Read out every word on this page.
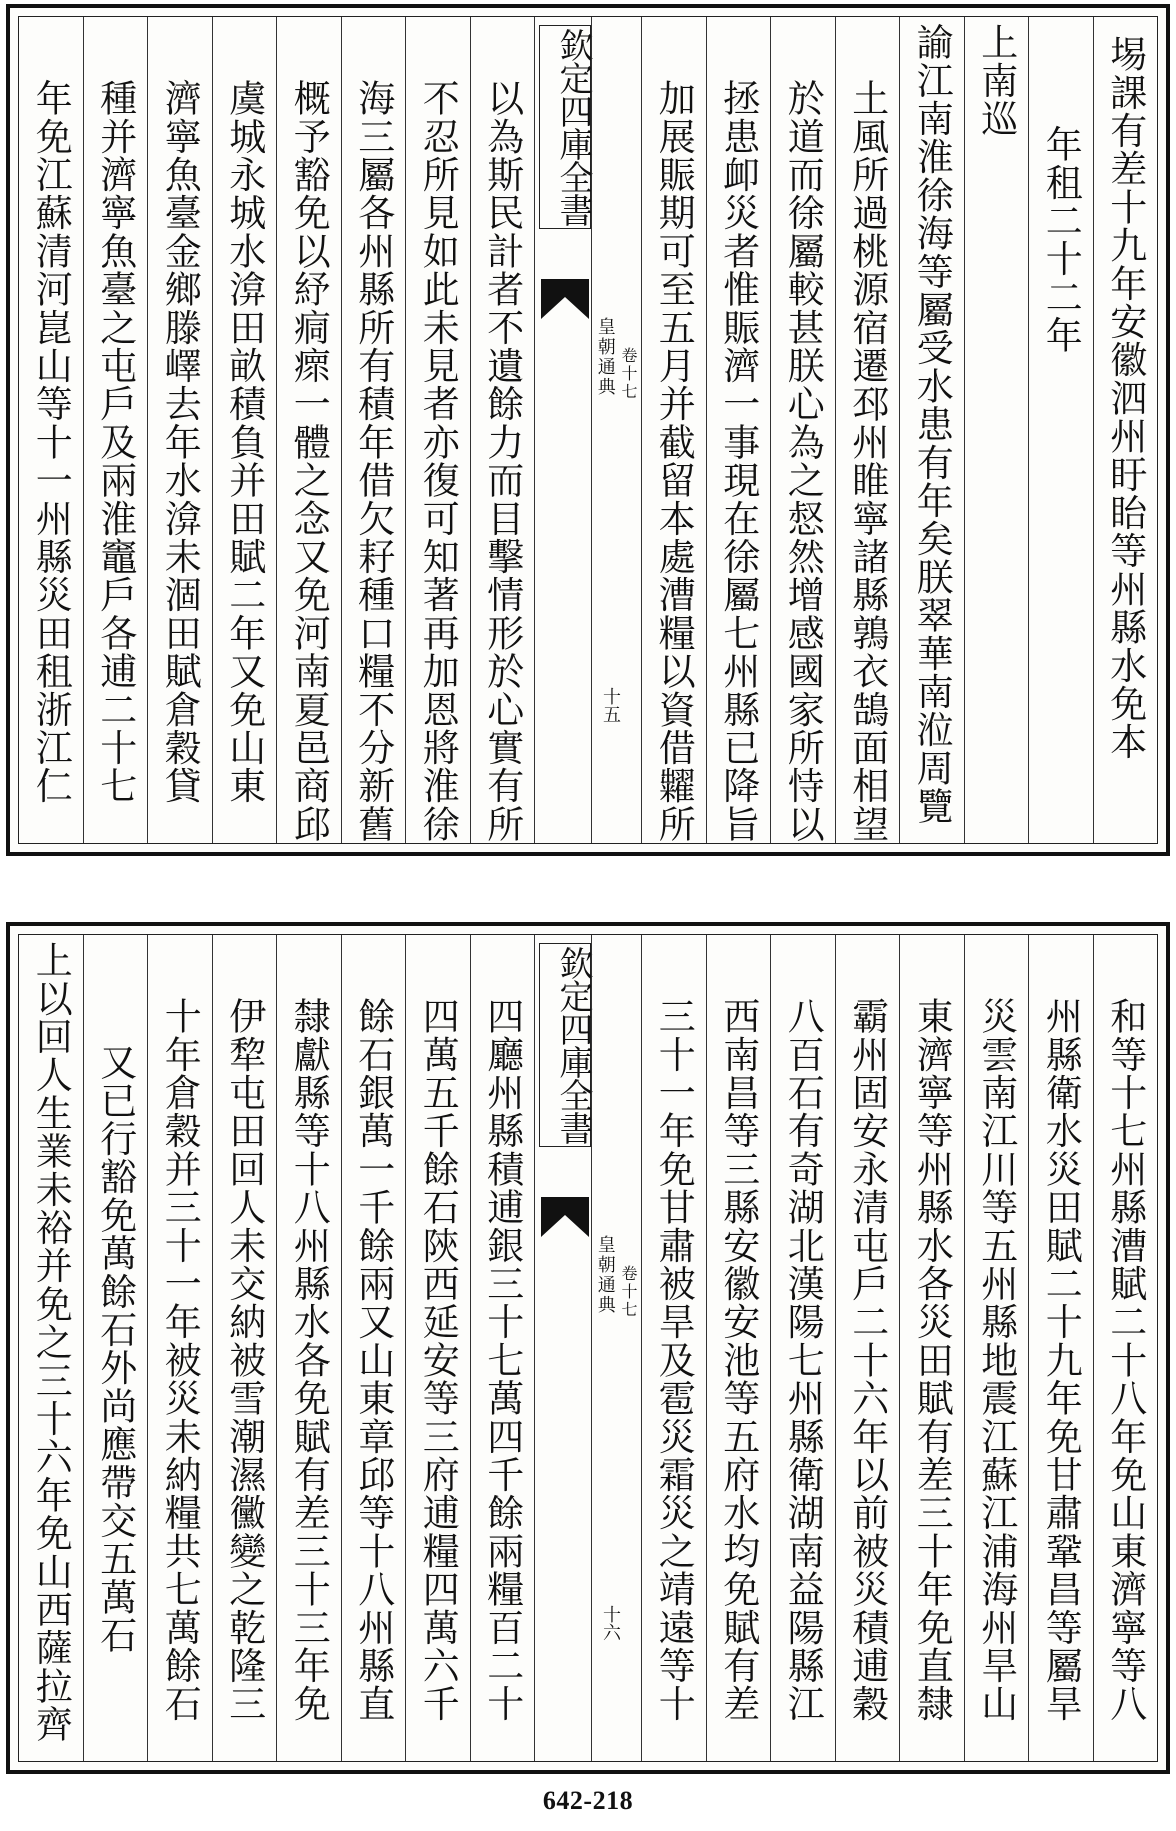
埸課有差十九年安徽泗州盱眙等州縣水免本
年租二十二年
上南巡
諭江南淮徐海等屬受水患有年矣朕翠華南涖周覽
土風所過桃源宿遷邳州睢寧諸縣鶉衣鵠面相望
於道而徐屬較甚朕心為之惄然增感國家所恃以
拯患卹災者惟賑濟一事現在徐屬七州縣已降旨
加展賑期可至五月并截留本處漕糧以資借糶所
欽定四庫全書
皇朝通典 卷十七
十五
以為斯民計者不遺餘力而目擊情形於心實有所
不忍所見如此未見者亦復可知著再加恩將淮徐
海三屬各州縣所有積年借欠耔種口糧不分新舊
概予豁免以紓痌瘝一體之念又免河南夏邑商邱
虞城永城水渰田畝積負并田賦二年又免山東
濟寧魚臺金鄉滕嶧去年水渰未涸田賦倉穀貸
種并濟寧魚臺之屯戶及兩淮竈戶各逋二十七
年免江蘇清河崑山等十一州縣災田租浙江仁
和等十七州縣漕賦二十八年免山東濟寧等八
州縣衛水災田賦二十九年免甘肅鞏昌等屬旱
災雲南江川等五州縣地震江蘇江浦海州旱山
東濟寧等州縣水各災田賦有差三十年免直隸
霸州固安永清屯戶二十六年以前被災積逋穀
八百石有奇湖北漢陽七州縣衛湖南益陽縣江
西南昌等三縣安徽安池等五府水均免賦有差
三十一年免甘肅被旱及雹災霜災之靖遠等十
欽定四庫全書
皇朝通典 卷十七
十六
四廳州縣積逋銀三十七萬四千餘兩糧百二十
四萬五千餘石陝西延安等三府逋糧四萬六千
餘石銀萬一千餘兩又山東章邱等十八州縣直
隸獻縣等十八州縣水各免賦有差三十三年免
伊犂屯田回人未交納被雪潮濕黴變之乾隆三
十年倉穀并三十一年被災未納糧共七萬餘石
又已行豁免萬餘石外尚應帶交五萬石
上以回人生業未裕并免之三十六年免山西薩拉齊
642-218
